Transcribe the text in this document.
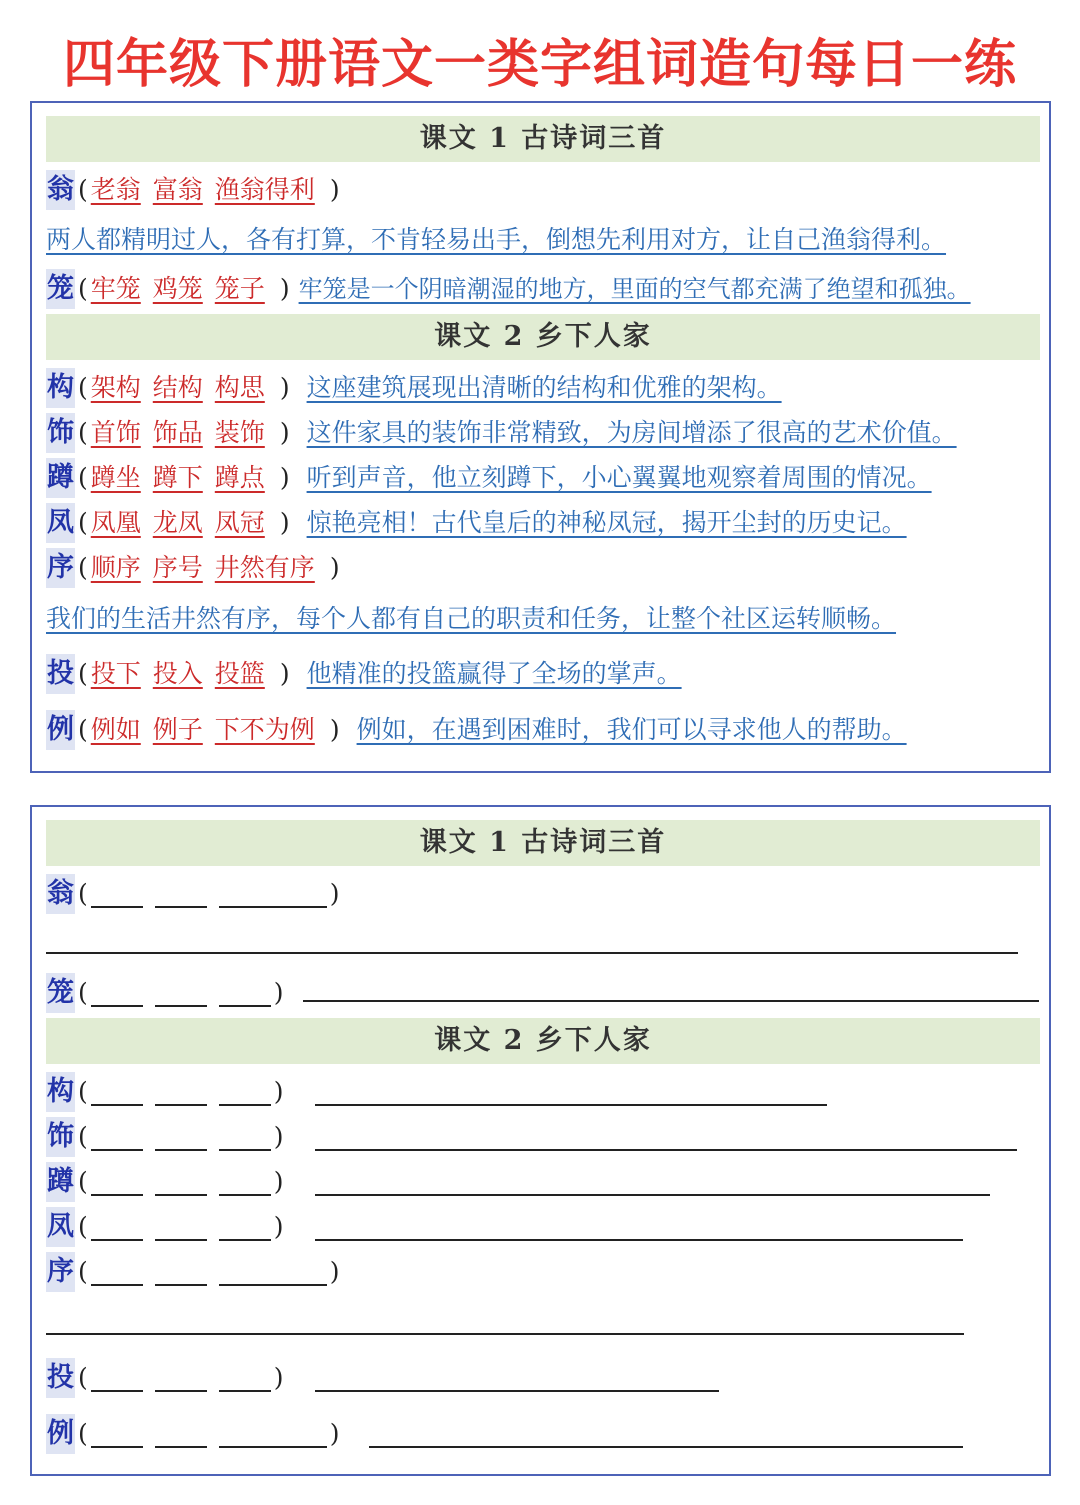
四年级下册语文一类字组词造句每日一练
课文 1 古诗词三首
翁 ( 老翁 富翁 渔翁得利 )
两人都精明过人，各有打算，不肯轻易出手，倒想先利用对方，让自己渔翁得利。
笼 ( 牢笼 鸡笼 笼子 ) 牢笼是一个阴暗潮湿的地方，里面的空气都充满了绝望和孤独。
课文 2 乡下人家
构 ( 架构 结构 构思 ) 这座建筑展现出清晰的结构和优雅的架构。
饰 ( 首饰 饰品 装饰 ) 这件家具的装饰非常精致，为房间增添了很高的艺术价值。
蹲 ( 蹲坐 蹲下 蹲点 ) 听到声音，他立刻蹲下，小心翼翼地观察着周围的情况。
凤 ( 凤凰 龙凤 凤冠 ) 惊艳亮相！古代皇后的神秘凤冠，揭开尘封的历史记。
序 ( 顺序 序号 井然有序 )
我们的生活井然有序，每个人都有自己的职责和任务，让整个社区运转顺畅。
投 ( 投下 投入 投篮 ) 他精准的投篮赢得了全场的掌声。
例 ( 例如 例子 下不为例 ) 例如，在遇到困难时，我们可以寻求他人的帮助。
课文 1 古诗词三首
翁 (	)
笼 (	)
课文 2 乡下人家
构 (	)
饰 (	)
蹲 (	)
凤 (	)
序 (	)
投 (	)
例 (	)
